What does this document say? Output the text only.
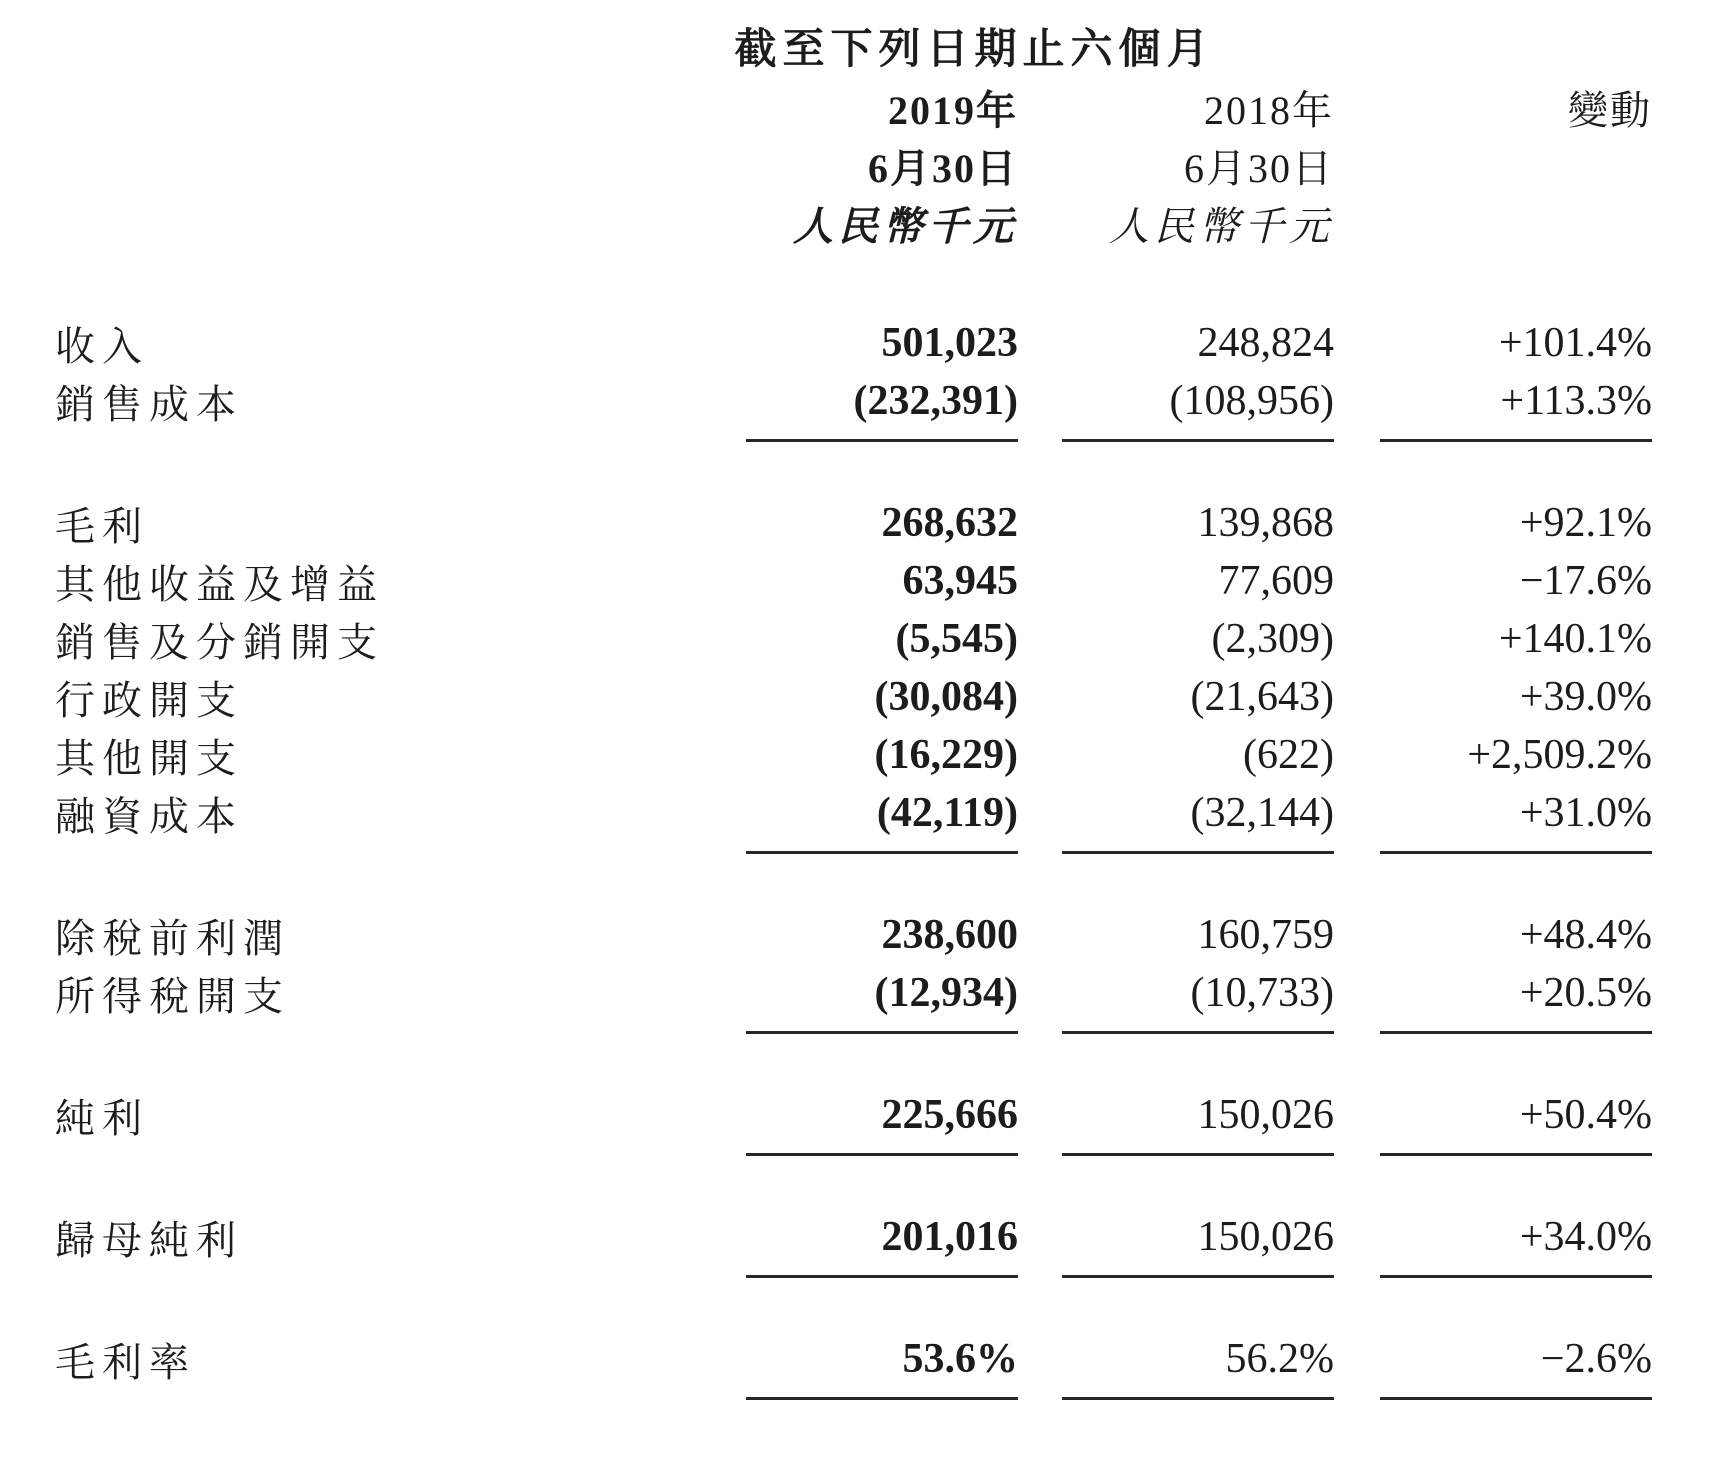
	截至下列日期止六個月		
	2019年	2018年	變動
	6月30日	6月30日	
	人民幣千元	人民幣千元	

收入	501,023	248,824	+101.4%
銷售成本	(232,391)	(108,956)	+113.3%

毛利	268,632	139,868	+92.1%
其他收益及增益	63,945	77,609	−17.6%
銷售及分銷開支	(5,545)	(2,309)	+140.1%
行政開支	(30,084)	(21,643)	+39.0%
其他開支	(16,229)	(622)	+2,509.2%
融資成本	(42,119)	(32,144)	+31.0%

除稅前利潤	238,600	160,759	+48.4%
所得稅開支	(12,934)	(10,733)	+20.5%

純利	225,666	150,026	+50.4%

歸母純利	201,016	150,026	+34.0%

毛利率	53.6%	56.2%	−2.6%
